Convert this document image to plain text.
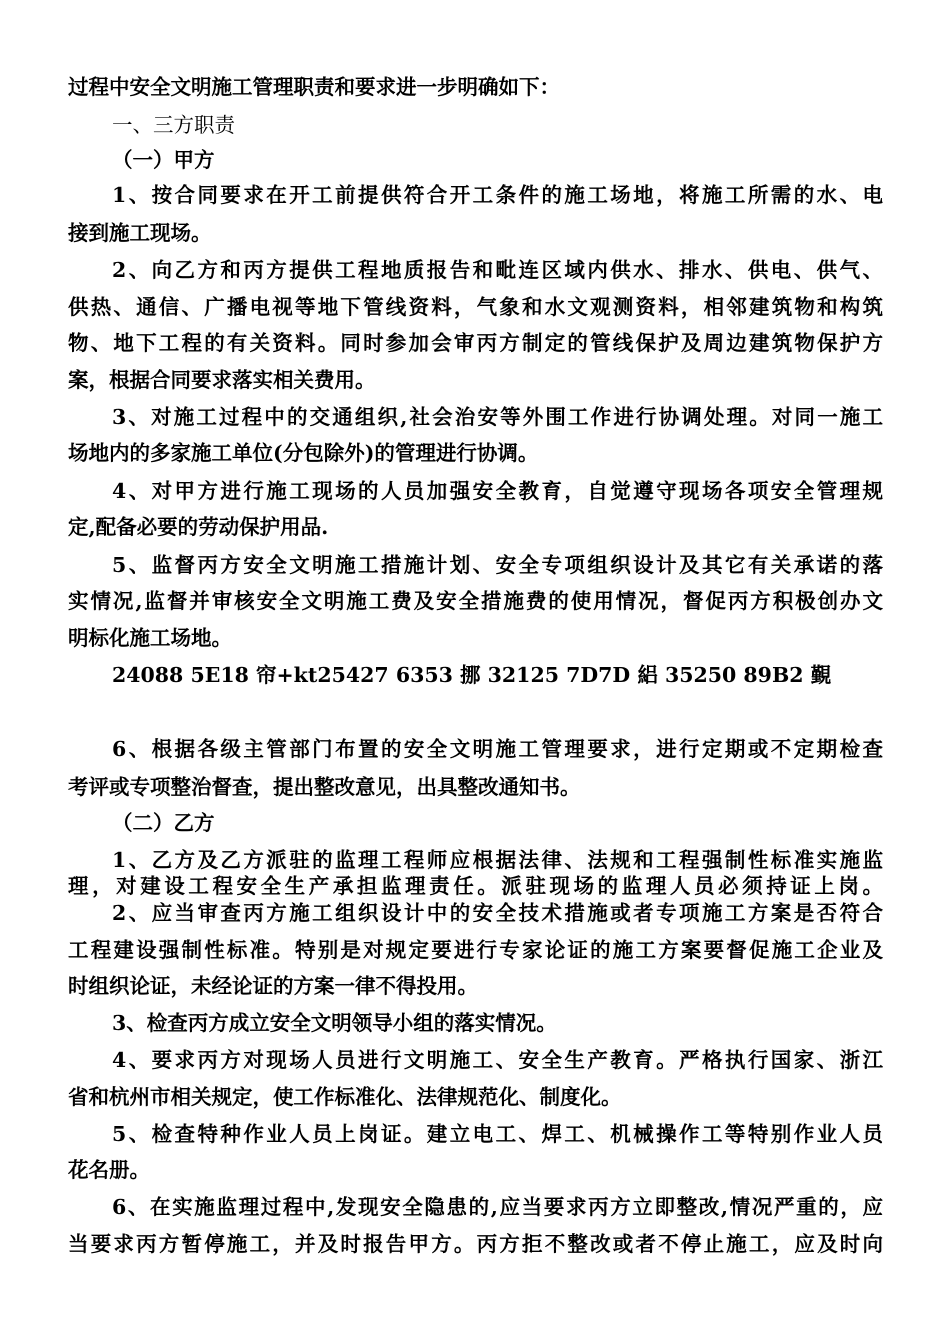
过程中安全文明施工管理职责和要求进一步明确如下：
一、三方职责
（一）甲方
1、按合同要求在开工前提供符合开工条件的施工场地，将施工所需的水、电
接到施工现场。
2、向乙方和丙方提供工程地质报告和毗连区域内供水、排水、供电、供气、
供热、通信、广播电视等地下管线资料，气象和水文观测资料，相邻建筑物和构筑
物、地下工程的有关资料。同时参加会审丙方制定的管线保护及周边建筑物保护方
案，根据合同要求落实相关费用。
3、对施工过程中的交通组织,社会治安等外围工作进行协调处理。对同一施工
场地内的多家施工单位(分包除外)的管理进行协调。
4、对甲方进行施工现场的人员加强安全教育，自觉遵守现场各项安全管理规
定,配备必要的劳动保护用品.
5、监督丙方安全文明施工措施计划、安全专项组织设计及其它有关承诺的落
实情况,监督并审核安全文明施工费及安全措施费的使用情况，督促丙方积极创办文
明标化施工场地。
24088 5E18 帘+kt25427 6353 挪 32125 7D7D 絽 35250 89B2 覲
6、根据各级主管部门布置的安全文明施工管理要求，进行定期或不定期检查
考评或专项整治督查，提出整改意见，出具整改通知书。
（二）乙方
1、乙方及乙方派驻的监理工程师应根据法律、法规和工程强制性标准实施监
理，对建设工程安全生产承担监理责任。派驻现场的监理人员必须持证上岗。
2、应当审查丙方施工组织设计中的安全技术措施或者专项施工方案是否符合
工程建设强制性标准。特别是对规定要进行专家论证的施工方案要督促施工企业及
时组织论证，未经论证的方案一律不得投用。
3、检查丙方成立安全文明领导小组的落实情况。
4、要求丙方对现场人员进行文明施工、安全生产教育。严格执行国家、浙江
省和杭州市相关规定，使工作标准化、法律规范化、制度化。
5、检查特种作业人员上岗证。建立电工、焊工、机械操作工等特别作业人员
花名册。
6、在实施监理过程中,发现安全隐患的,应当要求丙方立即整改,情况严重的，应
当要求丙方暂停施工，并及时报告甲方。丙方拒不整改或者不停止施工，应及时向
